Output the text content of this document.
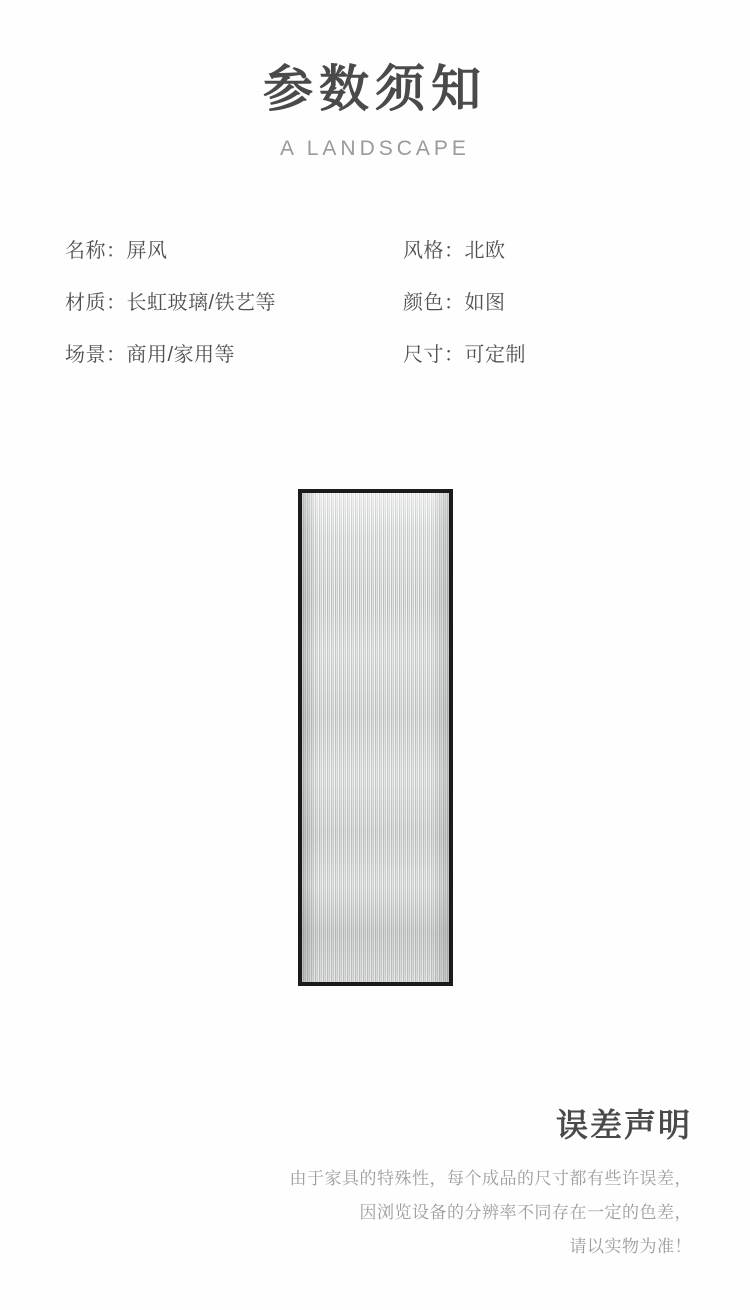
参数须知
A LANDSCAPE
名称：屏风	风格：北欧
材质：长虹玻璃/铁艺等	颜色：如图
场景：商用/家用等	尺寸：可定制
误差声明
由于家具的特殊性，每个成品的尺寸都有些许误差，
因浏览设备的分辨率不同存在一定的色差，
请以实物为准！
